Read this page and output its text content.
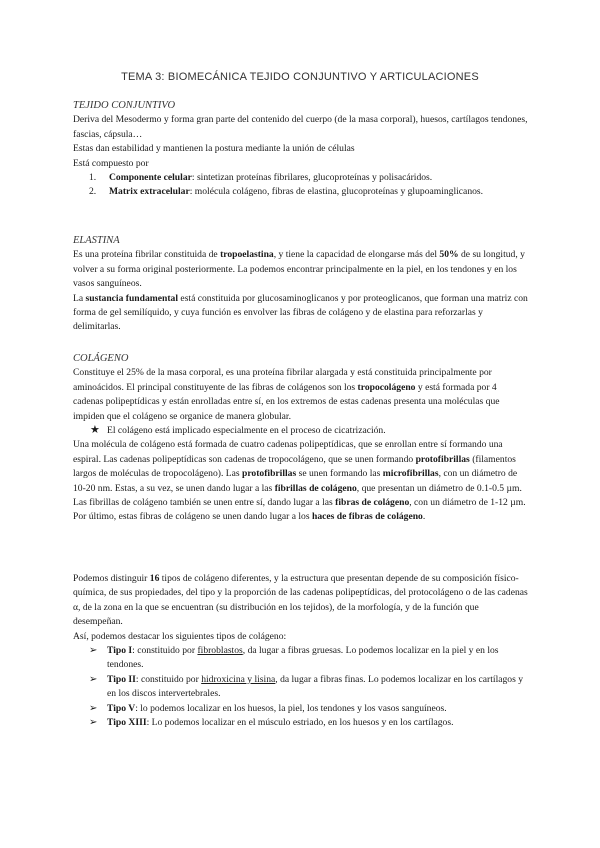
TEMA 3: BIOMECÁNICA TEJIDO CONJUNTIVO Y ARTICULACIONES

TEJIDO CONJUNTIVO

Deriva del Mesodermo y forma gran parte del contenido del cuerpo (de la masa corporal), huesos, cartílagos tendones, fascias, cápsula…

Estas dan estabilidad y mantienen la postura mediante la unión de células

Está compuesto por

1. Componente celular: sintetizan proteínas fibrilares, glucoproteínas y polisacáridos.
2. Matrix extracelular: molécula colágeno, fibras de elastina, glucoproteínas y glupoaminglicanos.

ELASTINA

Es una proteína fibrilar constituida de tropoelastina, y tiene la capacidad de elongarse más del 50% de su longitud, y volver a su forma original posteriormente. La podemos encontrar principalmente en la piel, en los tendones y en los vasos sanguíneos.

La sustancia fundamental está constituida por glucosaminoglicanos y por proteoglicanos, que forman una matriz con forma de gel semilíquido, y cuya función es envolver las fibras de colágeno y de elastina para reforzarlas y delimitarlas.

COLÁGENO

Constituye el 25% de la masa corporal, es una proteína fibrilar alargada y está constituida principalmente por aminoácidos. El principal constituyente de las fibras de colágenos son los tropocolágeno y está formada por 4 cadenas polipeptídicas y están enrolladas entre sí, en los extremos de estas cadenas presenta una moléculas que impiden que el colágeno se organice de manera globular.

★ El colágeno está implicado especialmente en el proceso de cicatrización.

Una molécula de colágeno está formada de cuatro cadenas polipeptídicas, que se enrollan entre sí formando una espiral. Las cadenas polipeptídicas son cadenas de tropocolágeno, que se unen formando protofibrillas (filamentos largos de moléculas de tropocolágeno). Las protofibrillas se unen formando las microfibrillas, con un diámetro de 10-20 nm. Estas, a su vez, se unen dando lugar a las fibrillas de colágeno, que presentan un diámetro de 0.1-0.5 µm. Las fibrillas de colágeno también se unen entre sí, dando lugar a las fibras de colágeno, con un diámetro de 1-12 µm. Por último, estas fibras de colágeno se unen dando lugar a los haces de fibras de colágeno.

Podemos distinguir 16 tipos de colágeno diferentes, y la estructura que presentan depende de su composición físico-química, de sus propiedades, del tipo y la proporción de las cadenas polipeptídicas, del protocolágeno o de las cadenas α, de la zona en la que se encuentran (su distribución en los tejidos), de la morfología, y de la función que desempeñan.

Así, podemos destacar los siguientes tipos de colágeno:

➢ Tipo I: constituido por fibroblastos, da lugar a fibras gruesas. Lo podemos localizar en la piel y en los tendones.
➢ Tipo II: constituido por hidroxicina y lisina, da lugar a fibras finas. Lo podemos localizar en los cartílagos y en los discos intervertebrales.
➢ Tipo V: lo podemos localizar en los huesos, la piel, los tendones y los vasos sanguíneos.
➢ Tipo XIII: Lo podemos localizar en el músculo estriado, en los huesos y en los cartílagos.
